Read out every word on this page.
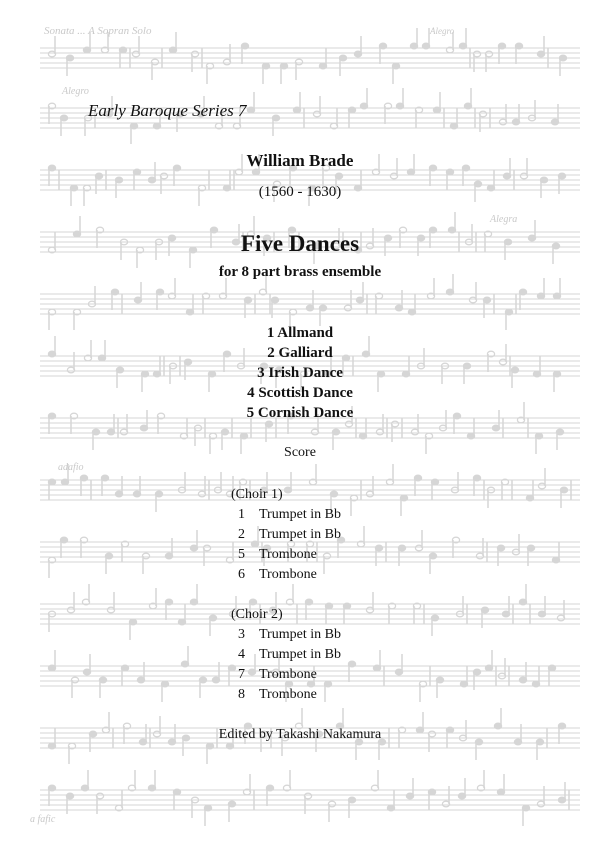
Sonata ... A Sopran Solo	Alegro
Alegro
Alegra
adafio
a fafic
Early Baroque Series 7
William Brade
(1560 - 1630)
Five Dances
for 8 part brass ensemble
1 Allmand
2 Galliard
3 Irish Dance
4 Scottish Dance
5 Cornish Dance
Score
(Choir 1)
1 Trumpet in Bb
2 Trumpet in Bb
5 Trombone
6 Trombone
(Choir 2)
3 Trumpet in Bb
4 Trumpet in Bb
7 Trombone
8 Trombone
Edited by Takashi Nakamura
